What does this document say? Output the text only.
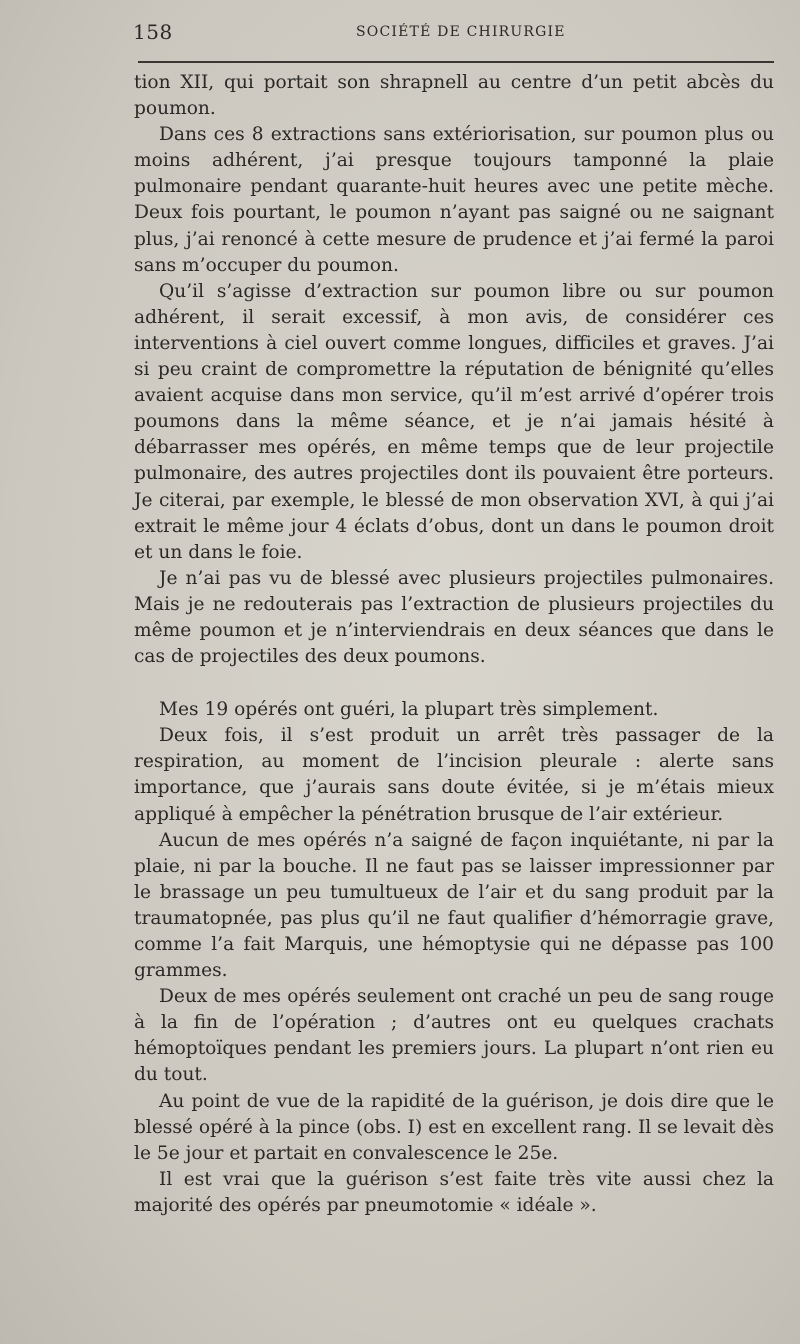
158	SOCIÉTÉ DE CHIRURGIE

tion XII, qui portait son shrapnell au centre d’un petit abcès du poumon.

Dans ces 8 extractions sans extériorisation, sur poumon plus ou moins adhérent, j’ai presque toujours tamponné la plaie pulmonaire pendant quarante-huit heures avec une petite mèche. Deux fois pourtant, le poumon n’ayant pas saigné ou ne saignant plus, j’ai renoncé à cette mesure de prudence et j’ai fermé la paroi sans m’occuper du poumon.

Qu’il s’agisse d’extraction sur poumon libre ou sur poumon adhérent, il serait excessif, à mon avis, de considérer ces interventions à ciel ouvert comme longues, difficiles et graves. J’ai si peu craint de compromettre la réputation de bénignité qu’elles avaient acquise dans mon service, qu’il m’est arrivé d’opérer trois poumons dans la même séance, et je n’ai jamais hésité à débarrasser mes opérés, en même temps que de leur projectile pulmonaire, des autres projectiles dont ils pouvaient être porteurs. Je citerai, par exemple, le blessé de mon observation XVI, à qui j’ai extrait le même jour 4 éclats d’obus, dont un dans le poumon droit et un dans le foie.

Je n’ai pas vu de blessé avec plusieurs projectiles pulmonaires. Mais je ne redouterais pas l’extraction de plusieurs projectiles du même poumon et je n’interviendrais en deux séances que dans le cas de projectiles des deux poumons.

Mes 19 opérés ont guéri, la plupart très simplement.

Deux fois, il s’est produit un arrêt très passager de la respiration, au moment de l’incision pleurale : alerte sans importance, que j’aurais sans doute évitée, si je m’étais mieux appliqué à empêcher la pénétration brusque de l’air extérieur.

Aucun de mes opérés n’a saigné de façon inquiétante, ni par la plaie, ni par la bouche. Il ne faut pas se laisser impressionner par le brassage un peu tumultueux de l’air et du sang produit par la traumatopnée, pas plus qu’il ne faut qualifier d’hémorragie grave, comme l’a fait Marquis, une hémoptysie qui ne dépasse pas 100 grammes.

Deux de mes opérés seulement ont craché un peu de sang rouge à la fin de l’opération ; d’autres ont eu quelques crachats hémoptoïques pendant les premiers jours. La plupart n’ont rien eu du tout.

Au point de vue de la rapidité de la guérison, je dois dire que le blessé opéré à la pince (obs. I) est en excellent rang. Il se levait dès le 5e jour et partait en convalescence le 25e.

Il est vrai que la guérison s’est faite très vite aussi chez la majorité des opérés par pneumotomie « idéale ».
